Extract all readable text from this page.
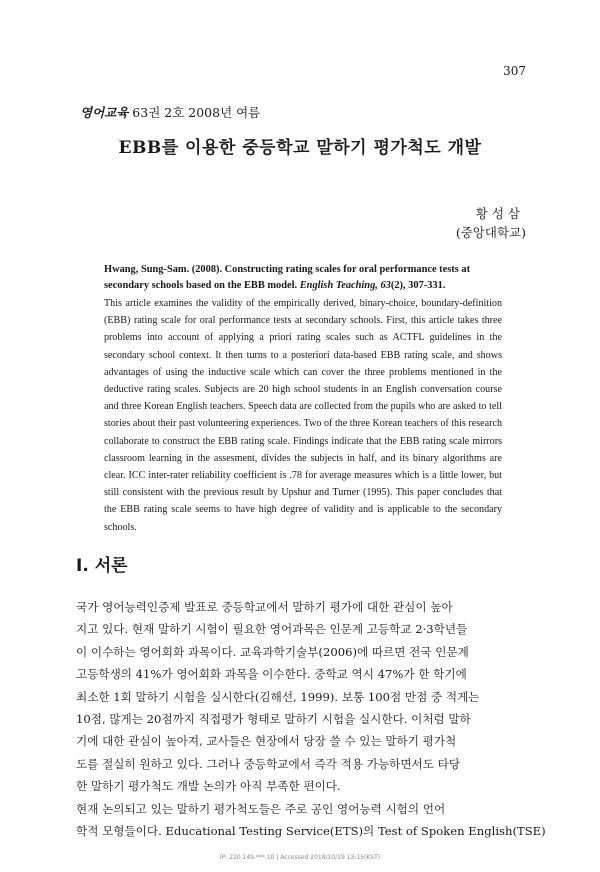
307
영어교육 63권 2호 2008년 여름
EBB를 이용한 중등학교 말하기 평가척도 개발
황성삼
(중앙대학교)
Hwang, Sung-Sam. (2008). Constructing rating scales for oral performance tests at secondary schools based on the EBB model. English Teaching, 63(2), 307-331.
This article examines the validity of the empirically derived, binary-choice, boundary-definition (EBB) rating scale for oral performance tests at secondary schools. First, this article takes three problems into account of applying a priori rating scales such as ACTFL guidelines in the secondary school context. It then turns to a posteriori data-based EBB rating scale, and shows advantages of using the inductive scale which can cover the three problems mentioned in the deductive rating scales. Subjects are 20 high school students in an English conversation course and three Korean English teachers. Speech data are collected from the pupils who are asked to tell stories about their past volunteering experiences. Two of the three Korean teachers of this research collaborate to construct the EBB rating scale. Findings indicate that the EBB rating scale mirrors classroom learning in the assesment, divides the subjects in half, and its binary algorithms are clear. ICC inter-rater reliability coefficient is .78 for average measures which is a little lower, but still consistent with the previous result by Upshur and Turner (1995). This paper concludes that the EBB rating scale seems to have high degree of validity and is applicable to the secondary schools.
I. 서론
국가 영어능력인증제 발표로 중등학교에서 말하기 평가에 대한 관심이 높아
지고 있다. 현재 말하기 시험이 필요한 영어과목은 인문계 고등학교 2·3학년들
이 이수하는 영어회화 과목이다. 교육과학기술부(2006)에 따르면 전국 인문계
고등학생의 41%가 영어회화 과목을 이수한다. 중학교 역시 47%가 한 학기에
최소한 1회 말하기 시험을 실시한다(김해선, 1999). 보통 100점 만점 중 적게는
10점, 많게는 20점까지 직접평가 형태로 말하기 시험을 실시한다. 이처럼 말하
기에 대한 관심이 높아져, 교사들은 현장에서 당장 쓸 수 있는 말하기 평가척
도를 절실히 원하고 있다. 그러나 중등학교에서 즉각 적용 가능하면서도 타당
한 말하기 평가척도 개발 논의가 아직 부족한 편이다.
현재 논의되고 있는 말하기 평가척도들은 주로 공인 영어능력 시험의 언어
학적 모형들이다. Educational Testing Service(ETS)의 Test of Spoken English(TSE)
IP: 220.149.***.10 | Accessed 2018/10/19 13:15(KST)
